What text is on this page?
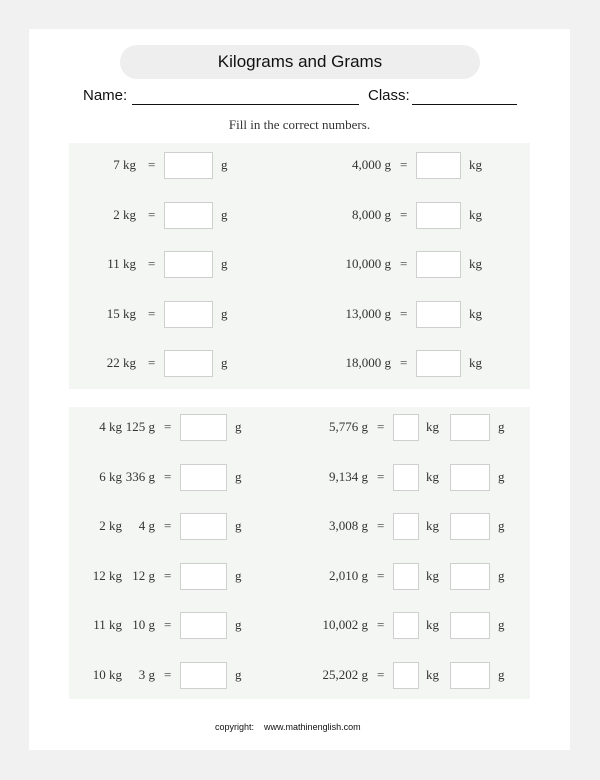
Kilograms and Grams
Name:	Class:
Fill in the correct numbers.
7 kg =	g
2 kg =	g
11 kg =	g
15 kg =	g
22 kg =	g
4,000 g =	kg
8,000 g =	kg
10,000 g =	kg
13,000 g =	kg
18,000 g =	kg
4 kg 125 g =	g
6 kg 336 g =	g
2 kg	4 g =	g
12 kg 12 g =	g
11 kg 10 g =	g
10 kg	3 g =	g
5,776 g =	kg	g
9,134 g =	kg	g
3,008 g =	kg	g
2,010 g =	kg	g
10,002 g =	kg	g
25,202 g =	kg	g
copyright: www.mathinenglish.com
